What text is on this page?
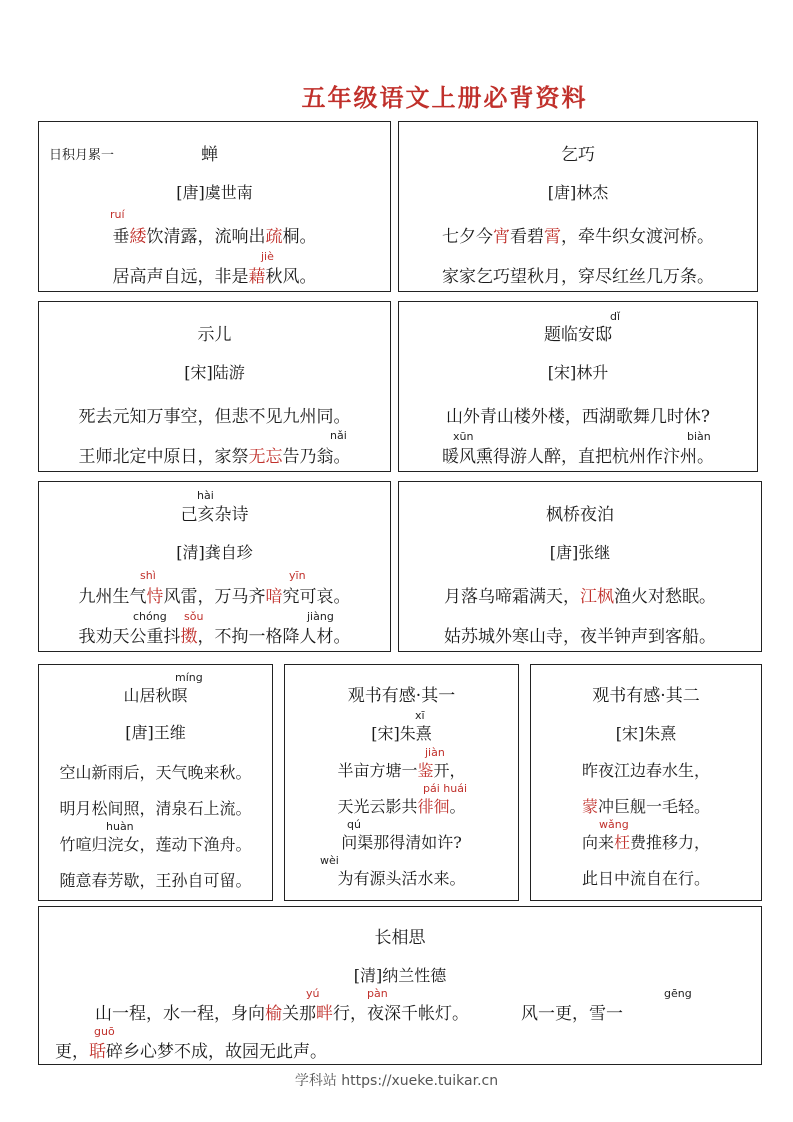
五年级语文上册必背资料
日积月累一	蝉
[唐]虞世南
ruí
垂緌饮清露，流响出疏桐。
jiè
居高声自远，非是藉秋风。
乞巧
[唐]林杰
七夕今宵看碧霄，牵牛织女渡河桥。
家家乞巧望秋月，穿尽红丝几万条。
示儿
[宋]陆游
死去元知万事空，但悲不见九州同。
nǎi
王师北定中原日，家祭无忘告乃翁。
dǐ
题临安邸
[宋]林升
山外青山楼外楼，西湖歌舞几时休?
xūn	biàn
暖风熏得游人醉，直把杭州作汴州。
hài
己亥杂诗
[清]龚自珍
shì	yīn
九州生气恃风雷，万马齐喑究可哀。
chóng sǒu	jiàng
我劝天公重抖擞，不拘一格降人材。
枫桥夜泊
[唐]张继
月落乌啼霜满天，江枫渔火对愁眠。
姑苏城外寒山寺，夜半钟声到客船。
míng
山居秋暝
[唐]王维
空山新雨后，天气晚来秋。
明月松间照，清泉石上流。
huàn
竹喧归浣女，莲动下渔舟。
随意春芳歇，王孙自可留。
观书有感·其一
xī
[宋]朱熹
jiàn
半亩方塘一鉴开，
pái huái
天光云影共徘徊。
qú
问渠那得清如许?
wèi
为有源头活水来。
观书有感·其二
[宋]朱熹
昨夜江边春水生，
蒙冲巨舰一毛轻。
wǎng
向来枉费推移力，
此日中流自在行。
长相思
[清]纳兰性德
yú	pàn	gēng
山一程，水一程，身向榆关那畔行，夜深千帐灯。	风一更，雪一
guō
更，聒碎乡心梦不成，故园无此声。
学科站 https://xueke.tuikar.cn
